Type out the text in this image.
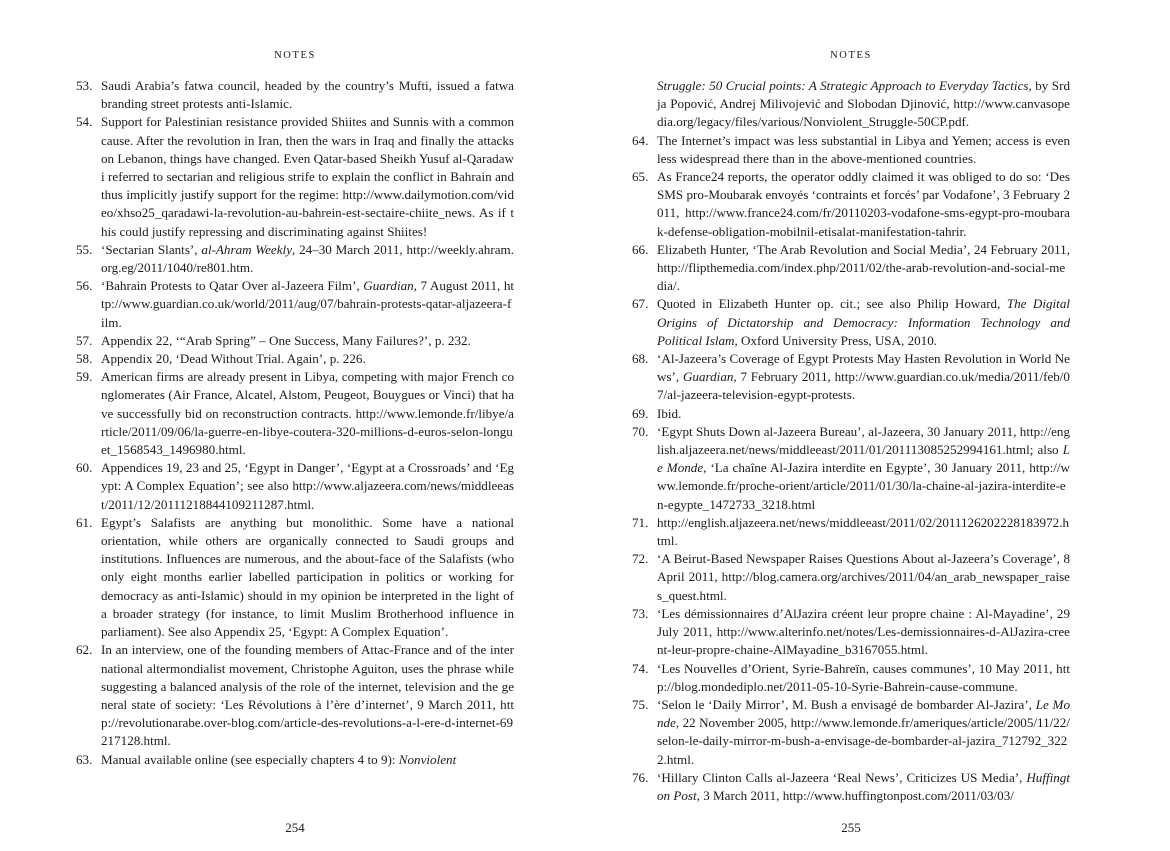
NOTES

53. Saudi Arabia’s fatwa council, headed by the country’s Mufti, issued a fatwa branding street protests anti-Islamic.

54. Support for Palestinian resistance provided Shiites and Sunnis with a common cause. After the revolution in Iran, then the wars in Iraq and finally the attacks on Lebanon, things have changed. Even Qatar-based Sheikh Yusuf al-Qaradawi referred to sectarian and religious strife to explain the conflict in Bahrain and thus implicitly justify support for the regime: http://www.dailymotion.com/video/xhso25_qaradawi-la-revolution-au-bahrein-est-sectaire-chiite_news. As if this could justify repressing and discriminating against Shiites!

55. ‘Sectarian Slants’, al-Ahram Weekly, 24–30 March 2011, http://weekly.ahram.org.eg/2011/1040/re801.htm.

56. ‘Bahrain Protests to Qatar Over al-Jazeera Film’, Guardian, 7 August 2011, http://www.guardian.co.uk/world/2011/aug/07/bahrain-protests-qatar-aljazeera-film.

57. Appendix 22, ‘“Arab Spring” – One Success, Many Failures?’, p. 232.

58. Appendix 20, ‘Dead Without Trial. Again’, p. 226.

59. American firms are already present in Libya, competing with major French conglomerates (Air France, Alcatel, Alstom, Peugeot, Bouygues or Vinci) that have successfully bid on reconstruction contracts. http://www.lemonde.fr/libye/article/2011/09/06/la-guerre-en-libye-coutera-320-millions-d-euros-selon-longuet_1568543_1496980.html.

60. Appendices 19, 23 and 25, ‘Egypt in Danger’, ‘Egypt at a Crossroads’ and ‘Egypt: A Complex Equation’; see also http://www.aljazeera.com/news/middleeast/2011/12/20111218844109211287.html.

61. Egypt’s Salafists are anything but monolithic. Some have a national orientation, while others are organically connected to Saudi groups and institutions. Influences are numerous, and the about-face of the Salafists (who only eight months earlier labelled participation in politics or working for democracy as anti-Islamic) should in my opinion be interpreted in the light of a broader strategy (for instance, to limit Muslim Brotherhood influence in parliament). See also Appendix 25, ‘Egypt: A Complex Equation’.

62. In an interview, one of the founding members of Attac-France and of the international altermondialist movement, Christophe Aguiton, uses the phrase while suggesting a balanced analysis of the role of the internet, television and the general state of society: ‘Les Révolutions à l’ère d’internet’, 9 March 2011, http://revolutionarabe.over-blog.com/article-des-revolutions-a-l-ere-d-internet-69217128.html.

63. Manual available online (see especially chapters 4 to 9): Nonviolent

254
NOTES

Struggle: 50 Crucial points: A Strategic Approach to Everyday Tactics, by Srdja Popović, Andrej Milivojević and Slobodan Djinović, http://www.canvasopedia.org/legacy/files/various/Nonviolent_Struggle-50CP.pdf.

64. The Internet’s impact was less substantial in Libya and Yemen; access is even less widespread there than in the above-mentioned countries.

65. As France24 reports, the operator oddly claimed it was obliged to do so: ‘Des SMS pro-Moubarak envoyés ‘contraints et forcés’ par Vodafone’, 3 February 2011, http://www.france24.com/fr/20110203-vodafone-sms-egypt-pro-moubarak-defense-obligation-mobilnil-etisalat-manifestation-tahrir.

66. Elizabeth Hunter, ‘The Arab Revolution and Social Media’, 24 February 2011, http://flipthemedia.com/index.php/2011/02/the-arab-revolution-and-social-media/.

67. Quoted in Elizabeth Hunter op. cit.; see also Philip Howard, The Digital Origins of Dictatorship and Democracy: Information Technology and Political Islam, Oxford University Press, USA, 2010.

68. ‘Al-Jazeera’s Coverage of Egypt Protests May Hasten Revolution in World News’, Guardian, 7 February 2011, http://www.guardian.co.uk/media/2011/feb/07/al-jazeera-television-egypt-protests.

69. Ibid.

70. ‘Egypt Shuts Down al-Jazeera Bureau’, al-Jazeera, 30 January 2011, http://english.aljazeera.net/news/middleeast/2011/01/201113085252994161.html; also Le Monde, ‘La chaîne Al-Jazira interdite en Egypte’, 30 January 2011, http://www.lemonde.fr/proche-orient/article/2011/01/30/la-chaine-al-jazira-interdite-en-egypte_1472733_3218.html

71. http://english.aljazeera.net/news/middleeast/2011/02/2011126202228183972.html.

72. ‘A Beirut-Based Newspaper Raises Questions About al-Jazeera’s Coverage’, 8 April 2011, http://blog.camera.org/archives/2011/04/an_arab_newspaper_raises_quest.html.

73. ‘Les démissionnaires d’AlJazira créent leur propre chaine : Al-Mayadine’, 29 July 2011, http://www.alterinfo.net/notes/Les-demissionnaires-d-AlJazira-creent-leur-propre-chaine-AlMayadine_b3167055.html.

74. ‘Les Nouvelles d’Orient, Syrie-Bahreïn, causes communes’, 10 May 2011, http://blog.mondediplo.net/2011-05-10-Syrie-Bahrein-cause-commune.

75. ‘Selon le ‘Daily Mirror’, M. Bush a envisagé de bombarder Al-Jazira’, Le Monde, 22 November 2005, http://www.lemonde.fr/ameriques/article/2005/11/22/selon-le-daily-mirror-m-bush-a-envisage-de-bombarder-al-jazira_712792_3222.html.

76. ‘Hillary Clinton Calls al-Jazeera ‘Real News’, Criticizes US Media’, Huffington Post, 3 March 2011, http://www.huffingtonpost.com/2011/03/03/

255
